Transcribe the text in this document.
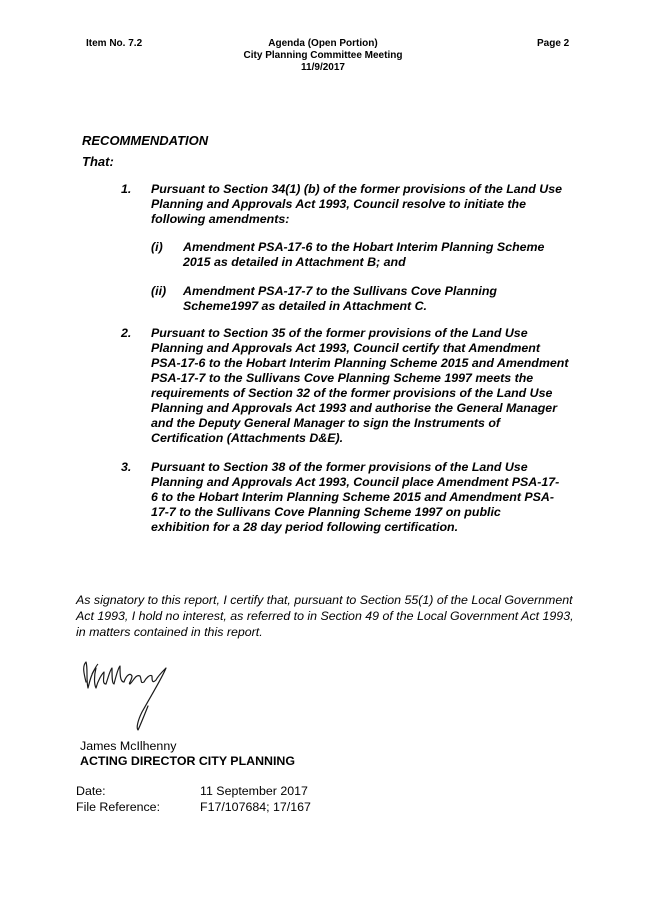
Item No. 7.2	Agenda (Open Portion)
City Planning Committee Meeting
11/9/2017
Page 2
RECOMMENDATION
That:
1. Pursuant to Section 34(1) (b) of the former provisions of the Land Use Planning and Approvals Act 1993, Council resolve to initiate the following amendments:
(i) Amendment PSA-17-6 to the Hobart Interim Planning Scheme 2015 as detailed in Attachment B; and
(ii) Amendment PSA-17-7 to the Sullivans Cove Planning Scheme1997 as detailed in Attachment C.
2. Pursuant to Section 35 of the former provisions of the Land Use Planning and Approvals Act 1993, Council certify that Amendment PSA-17-6 to the Hobart Interim Planning Scheme 2015 and Amendment PSA-17-7 to the Sullivans Cove Planning Scheme 1997 meets the requirements of Section 32 of the former provisions of the Land Use Planning and Approvals Act 1993 and authorise the General Manager and the Deputy General Manager to sign the Instruments of Certification (Attachments D&E).
3. Pursuant to Section 38 of the former provisions of the Land Use Planning and Approvals Act 1993, Council place Amendment PSA-17-6 to the Hobart Interim Planning Scheme 2015 and Amendment PSA-17-7 to the Sullivans Cove Planning Scheme 1997 on public exhibition for a 28 day period following certification.
As signatory to this report, I certify that, pursuant to Section 55(1) of the Local Government Act 1993, I hold no interest, as referred to in Section 49 of the Local Government Act 1993, in matters contained in this report.
James McIlhenny
ACTING DIRECTOR CITY PLANNING
Date:	11 September 2017
File Reference:	F17/107684; 17/167
